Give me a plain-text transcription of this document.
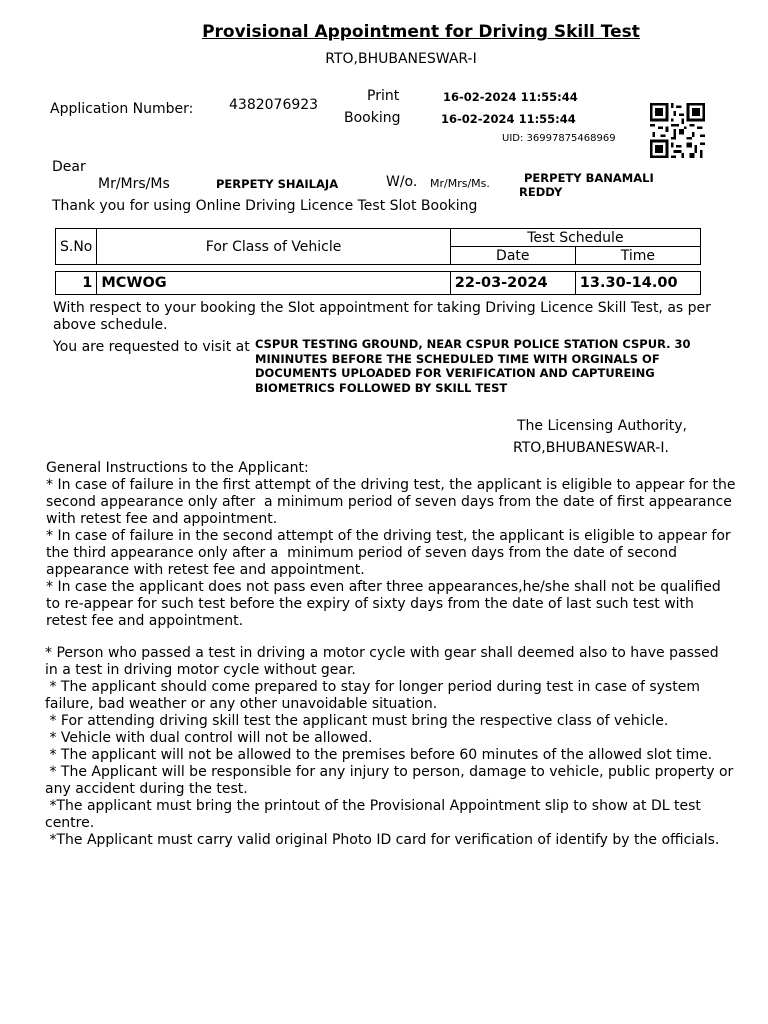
Provisional Appointment for Driving Skill Test
RTO,BHUBANESWAR-I
Application Number:	4382076923
Print	16-02-2024 11:55:44
Booking	16-02-2024 11:55:44
UID: 36997875468969
Dear
Mr/Mrs/Ms	PERPETY SHAILAJA	W/o. Mr/Mrs/Ms.	PERPETY BANAMALI
REDDY
Thank you for using Online Driving Licence Test Slot Booking
S.No	For Class of Vehicle	Test Schedule	
		Date	Time

1	MCWOG	22-03-2024	13.30-14.00
With respect to your booking the Slot appointment for taking Driving Licence Skill Test, as per above schedule.
You are requested to visit at CSPUR TESTING GROUND, NEAR CSPUR POLICE STATION CSPUR. 30 MININUTES BEFORE THE SCHEDULED TIME WITH ORGINALS OF DOCUMENTS UPLOADED FOR VERIFICATION AND CAPTUREING BIOMETRICS FOLLOWED BY SKILL TEST
The Licensing Authority,
RTO,BHUBANESWAR-I.
General Instructions to the Applicant:
* In case of failure in the first attempt of the driving test, the applicant is eligible to appear for the second appearance only after  a minimum period of seven days from the date of first appearance with retest fee and appointment.
* In case of failure in the second attempt of the driving test, the applicant is eligible to appear for the third appearance only after a  minimum period of seven days from the date of second appearance with retest fee and appointment.
* In case the applicant does not pass even after three appearances,he/she shall not be qualified to re-appear for such test before the expiry of sixty days from the date of last such test with retest fee and appointment.
* Person who passed a test in driving a motor cycle with gear shall deemed also to have passed in a test in driving motor cycle without gear.
* The applicant should come prepared to stay for longer period during test in case of system failure, bad weather or any other unavoidable situation.
* For attending driving skill test the applicant must bring the respective class of vehicle.
* Vehicle with dual control will not be allowed.
* The applicant will not be allowed to the premises before 60 minutes of the allowed slot time.
* The Applicant will be responsible for any injury to person, damage to vehicle, public property or any accident during the test.
*The applicant must bring the printout of the Provisional Appointment slip to show at DL test centre.
*The Applicant must carry valid original Photo ID card for verification of identify by the officials.
